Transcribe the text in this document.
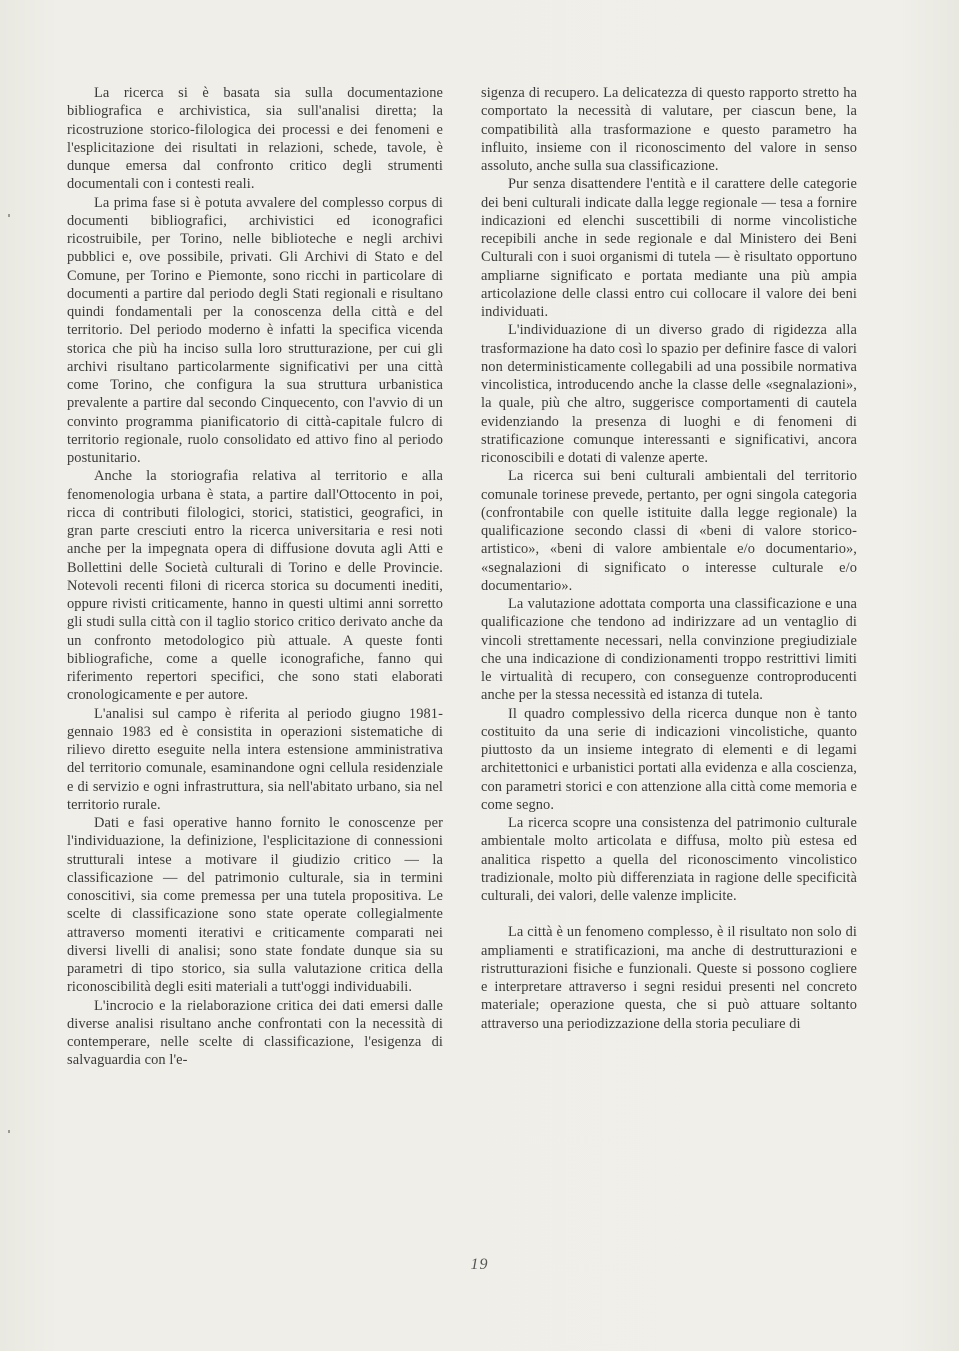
La ricerca si è basata sia sulla documentazione bibliografica e archivistica, sia sull'analisi diretta; la ricostruzione storico-filologica dei processi e dei fenomeni e l'esplicitazione dei risultati in relazioni, schede, tavole, è dunque emersa dal confronto critico degli strumenti documentali con i contesti reali.

La prima fase si è potuta avvalere del complesso corpus di documenti bibliografici, archivistici ed iconografici ricostruibile, per Torino, nelle biblioteche e negli archivi pubblici e, ove possibile, privati. Gli Archivi di Stato e del Comune, per Torino e Piemonte, sono ricchi in particolare di documenti a partire dal periodo degli Stati regionali e risultano quindi fondamentali per la conoscenza della città e del territorio. Del periodo moderno è infatti la specifica vicenda storica che più ha inciso sulla loro strutturazione, per cui gli archivi risultano particolarmente significativi per una città come Torino, che configura la sua struttura urbanistica prevalente a partire dal secondo Cinquecento, con l'avvio di un convinto programma pianificatorio di città-capitale fulcro di territorio regionale, ruolo consolidato ed attivo fino al periodo postunitario.

Anche la storiografia relativa al territorio e alla fenomenologia urbana è stata, a partire dall'Ottocento in poi, ricca di contributi filologici, storici, statistici, geografici, in gran parte cresciuti entro la ricerca universitaria e resi noti anche per la impegnata opera di diffusione dovuta agli Atti e Bollettini delle Società culturali di Torino e delle Provincie. Notevoli recenti filoni di ricerca storica su documenti inediti, oppure rivisti criticamente, hanno in questi ultimi anni sorretto gli studi sulla città con il taglio storico critico derivato anche da un confronto metodologico più attuale. A queste fonti bibliografiche, come a quelle iconografiche, fanno qui riferimento repertori specifici, che sono stati elaborati cronologicamente e per autore.

L'analisi sul campo è riferita al periodo giugno 1981-gennaio 1983 ed è consistita in operazioni sistematiche di rilievo diretto eseguite nella intera estensione amministrativa del territorio comunale, esaminandone ogni cellula residenziale e di servizio e ogni infrastruttura, sia nell'abitato urbano, sia nel territorio rurale.

Dati e fasi operative hanno fornito le conoscenze per l'individuazione, la definizione, l'esplicitazione di connessioni strutturali intese a motivare il giudizio critico — la classificazione — del patrimonio culturale, sia in termini conoscitivi, sia come premessa per una tutela propositiva. Le scelte di classificazione sono state operate collegialmente attraverso momenti iterativi e criticamente comparati nei diversi livelli di analisi; sono state fondate dunque sia su parametri di tipo storico, sia sulla valutazione critica della riconoscibilità degli esiti materiali a tutt'oggi individuabili.

L'incrocio e la rielaborazione critica dei dati emersi dalle diverse analisi risultano anche confrontati con la necessità di contemperare, nelle scelte di classificazione, l'esigenza di salvaguardia con l'e-

sigenza di recupero. La delicatezza di questo rapporto stretto ha comportato la necessità di valutare, per ciascun bene, la compatibilità alla trasformazione e questo parametro ha influito, insieme con il riconoscimento del valore in senso assoluto, anche sulla sua classificazione.

Pur senza disattendere l'entità e il carattere delle categorie dei beni culturali indicate dalla legge regionale — tesa a fornire indicazioni ed elenchi suscettibili di norme vincolistiche recepibili anche in sede regionale e dal Ministero dei Beni Culturali con i suoi organismi di tutela — è risultato opportuno ampliarne significato e portata mediante una più ampia articolazione delle classi entro cui collocare il valore dei beni individuati.

L'individuazione di un diverso grado di rigidezza alla trasformazione ha dato così lo spazio per definire fasce di valori non deterministicamente collegabili ad una possibile normativa vincolistica, introducendo anche la classe delle «segnalazioni», la quale, più che altro, suggerisce comportamenti di cautela evidenziando la presenza di luoghi e di fenomeni di stratificazione comunque interessanti e significativi, ancora riconoscibili e dotati di valenze aperte.

La ricerca sui beni culturali ambientali del territorio comunale torinese prevede, pertanto, per ogni singola categoria (confrontabile con quelle istituite dalla legge regionale) la qualificazione secondo classi di «beni di valore storico-artistico», «beni di valore ambientale e/o documentario», «segnalazioni di significato o interesse culturale e/o documentario».

La valutazione adottata comporta una classificazione e una qualificazione che tendono ad indirizzare ad un ventaglio di vincoli strettamente necessari, nella convinzione pregiudiziale che una indicazione di condizionamenti troppo restrittivi limiti le virtualità di recupero, con conseguenze controproducenti anche per la stessa necessità ed istanza di tutela.

Il quadro complessivo della ricerca dunque non è tanto costituito da una serie di indicazioni vincolistiche, quanto piuttosto da un insieme integrato di elementi e di legami architettonici e urbanistici portati alla evidenza e alla coscienza, con parametri storici e con attenzione alla città come memoria e come segno.

La ricerca scopre una consistenza del patrimonio culturale ambientale molto articolata e diffusa, molto più estesa ed analitica rispetto a quella del riconoscimento vincolistico tradizionale, molto più differenziata in ragione delle specificità culturali, dei valori, delle valenze implicite.

La città è un fenomeno complesso, è il risultato non solo di ampliamenti e stratificazioni, ma anche di destrutturazioni e ristrutturazioni fisiche e funzionali. Queste si possono cogliere e interpretare attraverso i segni residui presenti nel concreto materiale; operazione questa, che si può attuare soltanto attraverso una periodizzazione della storia peculiare di

19
